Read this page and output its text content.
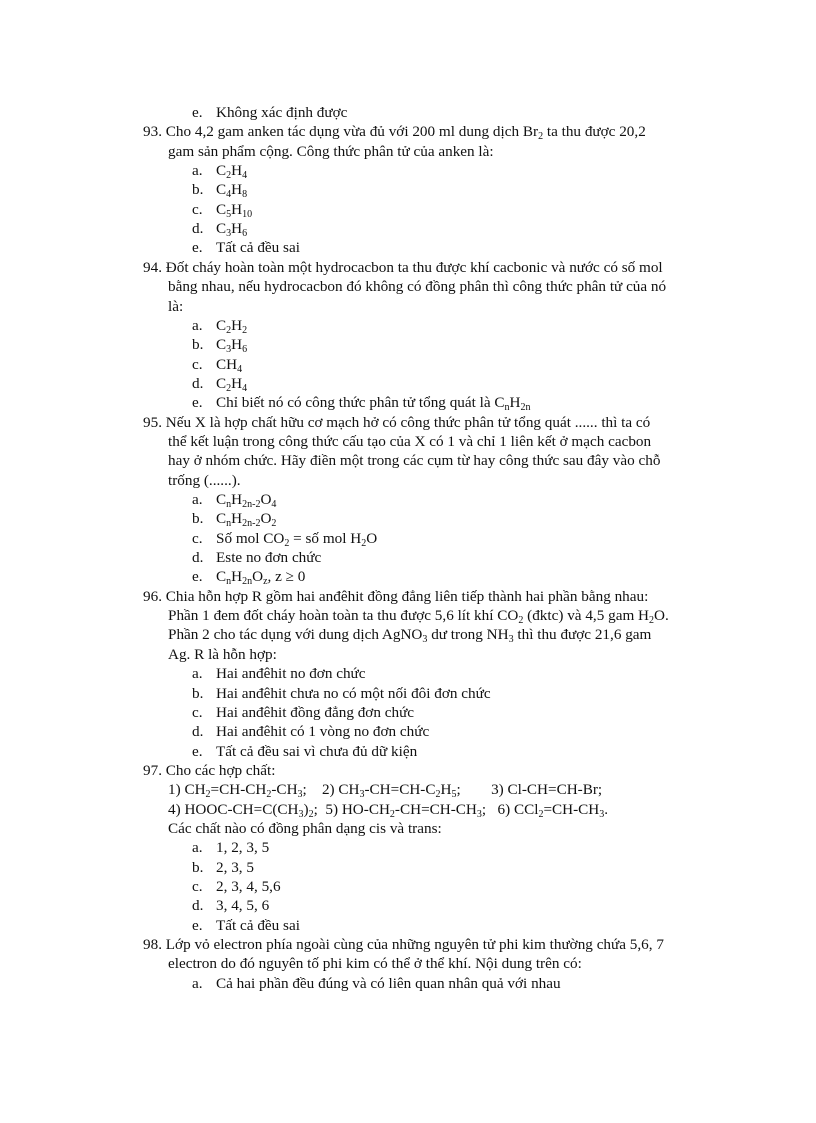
e. Không xác định được
93. Cho 4,2 gam anken tác dụng vừa đủ với 200 ml dung dịch $Br_2$ ta thu được 20,2
gam sản phẩm cộng. Công thức phân tử của anken là:
a. $C_2H_4$
b. $C_4H_8$
c. $C_5H_{10}$
d. $C_3H_6$
e. Tất cả đều sai
94. Đốt cháy hoàn toàn một hydrocacbon ta thu được khí cacbonic và nước có số mol
bằng nhau, nếu hydrocacbon đó không có đồng phân thì công thức phân tử của nó
là:
a. $C_2H_2$
b. $C_3H_6$
c. $CH_4$
d. $C_2H_4$
e. Chỉ biết nó có công thức phân tử tổng quát là $C_nH_{2n}$
95. Nếu X là hợp chất hữu cơ mạch hở có công thức phân tử tổng quát ...... thì ta có
thể kết luận trong công thức cấu tạo của X có 1 và chỉ 1 liên kết ở mạch cacbon
hay ở nhóm chức. Hãy điền một trong các cụm từ hay công thức sau đây vào chỗ
trống (......).
a. $C_nH_{2n-2}O_4$
b. $C_nH_{2n-2}O_2$
c. Số mol $CO_2$ = số mol $H_2O$
d. Este no đơn chức
e. $C_nH_{2n}O_z$, z ≥ 0
96. Chia hỗn hợp R gồm hai anđêhit đồng đẳng liên tiếp thành hai phần bằng nhau:
Phần 1 đem đốt cháy hoàn toàn ta thu được 5,6 lít khí $CO_2$ (đktc) và 4,5 gam $H_2O$.
Phần 2 cho tác dụng với dung dịch AgNO$_3$ dư trong $NH_3$ thì thu được 21,6 gam
Ag. R là hỗn hợp:
a. Hai anđêhit no đơn chức
b. Hai anđêhit chưa no có một nối đôi đơn chức
c. Hai anđêhit đồng đẳng đơn chức
d. Hai anđêhit có 1 vòng no đơn chức
e. Tất cả đều sai vì chưa đủ dữ kiện
97. Cho các hợp chất:
1) $CH_2=CH-CH_2-CH_3$;    2) $CH_3-CH=CH-C_2H_5$;        3) Cl-CH=CH-Br;
4) HOOC-$CH=C(CH_3)_2$;  5) $HO-CH_2-CH=CH-CH_3$;   6) $CCl_2=CH-CH_3$.
Các chất nào có đồng phân dạng cis và trans:
a. 1, 2, 3, 5
b. 2, 3, 5
c. 2, 3, 4, 5,6
d. 3, 4, 5, 6
e. Tất cả đều sai
98. Lớp vỏ electron phía ngoài cùng của những nguyên tử phi kim thường chứa 5,6, 7
electron do đó nguyên tố phi kim có thể ở thể khí. Nội dung trên có:
a. Cả hai phần đều đúng và có liên quan nhân quả với nhau
